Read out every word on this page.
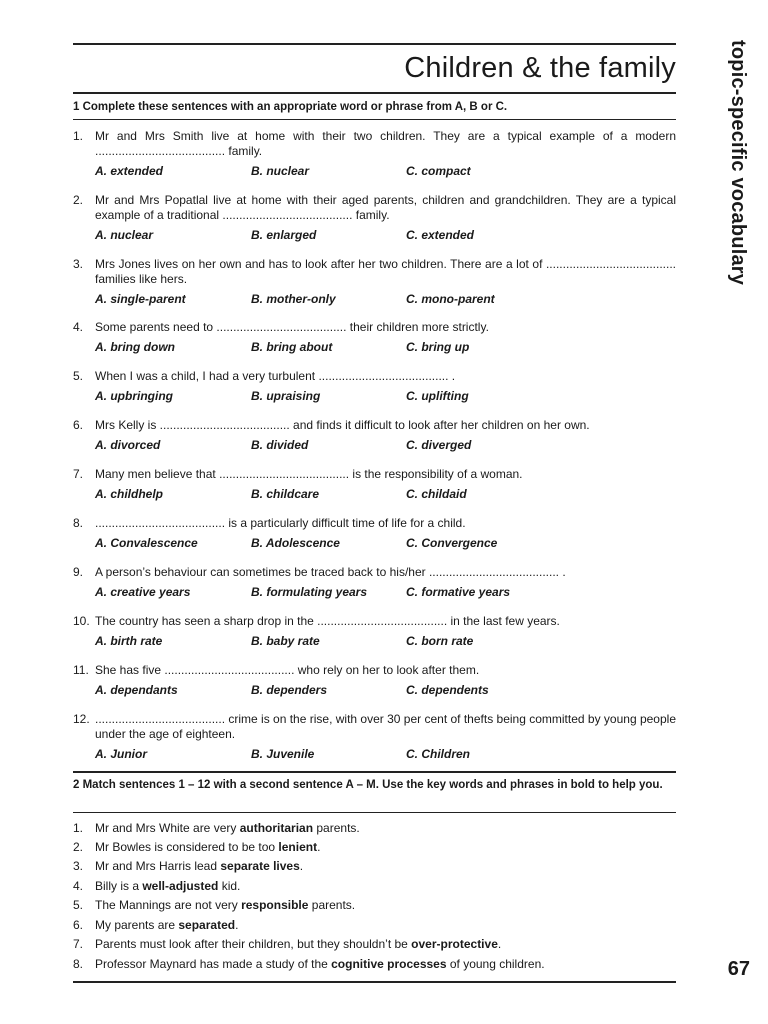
Children & the family	topic-specific vocabulary
1 Complete these sentences with an appropriate word or phrase from A, B or C.
1. Mr and Mrs Smith live at home with their two children. They are a typical example of a modern ....................................... family.
A. extended	B. nuclear	C. compact
2. Mr and Mrs Popatlal live at home with their aged parents, children and grandchildren. They are a typical example of a traditional ....................................... family.
A. nuclear	B. enlarged	C. extended
3. Mrs Jones lives on her own and has to look after her two children. There are a lot of ....................................... families like hers.
A. single-parent	B. mother-only	C. mono-parent
4. Some parents need to ....................................... their children more strictly.
A. bring down	B. bring about	C. bring up
5. When I was a child, I had a very turbulent ....................................... .
A. upbringing	B. upraising	C. uplifting
6. Mrs Kelly is ....................................... and finds it difficult to look after her children on her own.
A. divorced	B. divided	C. diverged
7. Many men believe that ....................................... is the responsibility of a woman.
A. childhelp	B. childcare	C. childaid
8. ....................................... is a particularly difficult time of life for a child.
A. Convalescence	B. Adolescence	C. Convergence
9. A person’s behaviour can sometimes be traced back to his/her ....................................... .
A. creative years	B. formulating years	C. formative years
10. The country has seen a sharp drop in the ....................................... in the last few years.
A. birth rate	B. baby rate	C. born rate
11. She has five ....................................... who rely on her to look after them.
A. dependants	B. dependers	C. dependents
12. ....................................... crime is on the rise, with over 30 per cent of thefts being committed by young people under the age of eighteen.
A. Junior	B. Juvenile	C. Children
2 Match sentences 1 – 12 with a second sentence A – M. Use the key words and phrases in bold to help you.
1. Mr and Mrs White are very authoritarian parents.
2. Mr Bowles is considered to be too lenient.
3. Mr and Mrs Harris lead separate lives.
4. Billy is a well-adjusted kid.
5. The Mannings are not very responsible parents.
6. My parents are separated.
7. Parents must look after their children, but they shouldn’t be over-protective.
8. Professor Maynard has made a study of the cognitive processes of young children.	67
